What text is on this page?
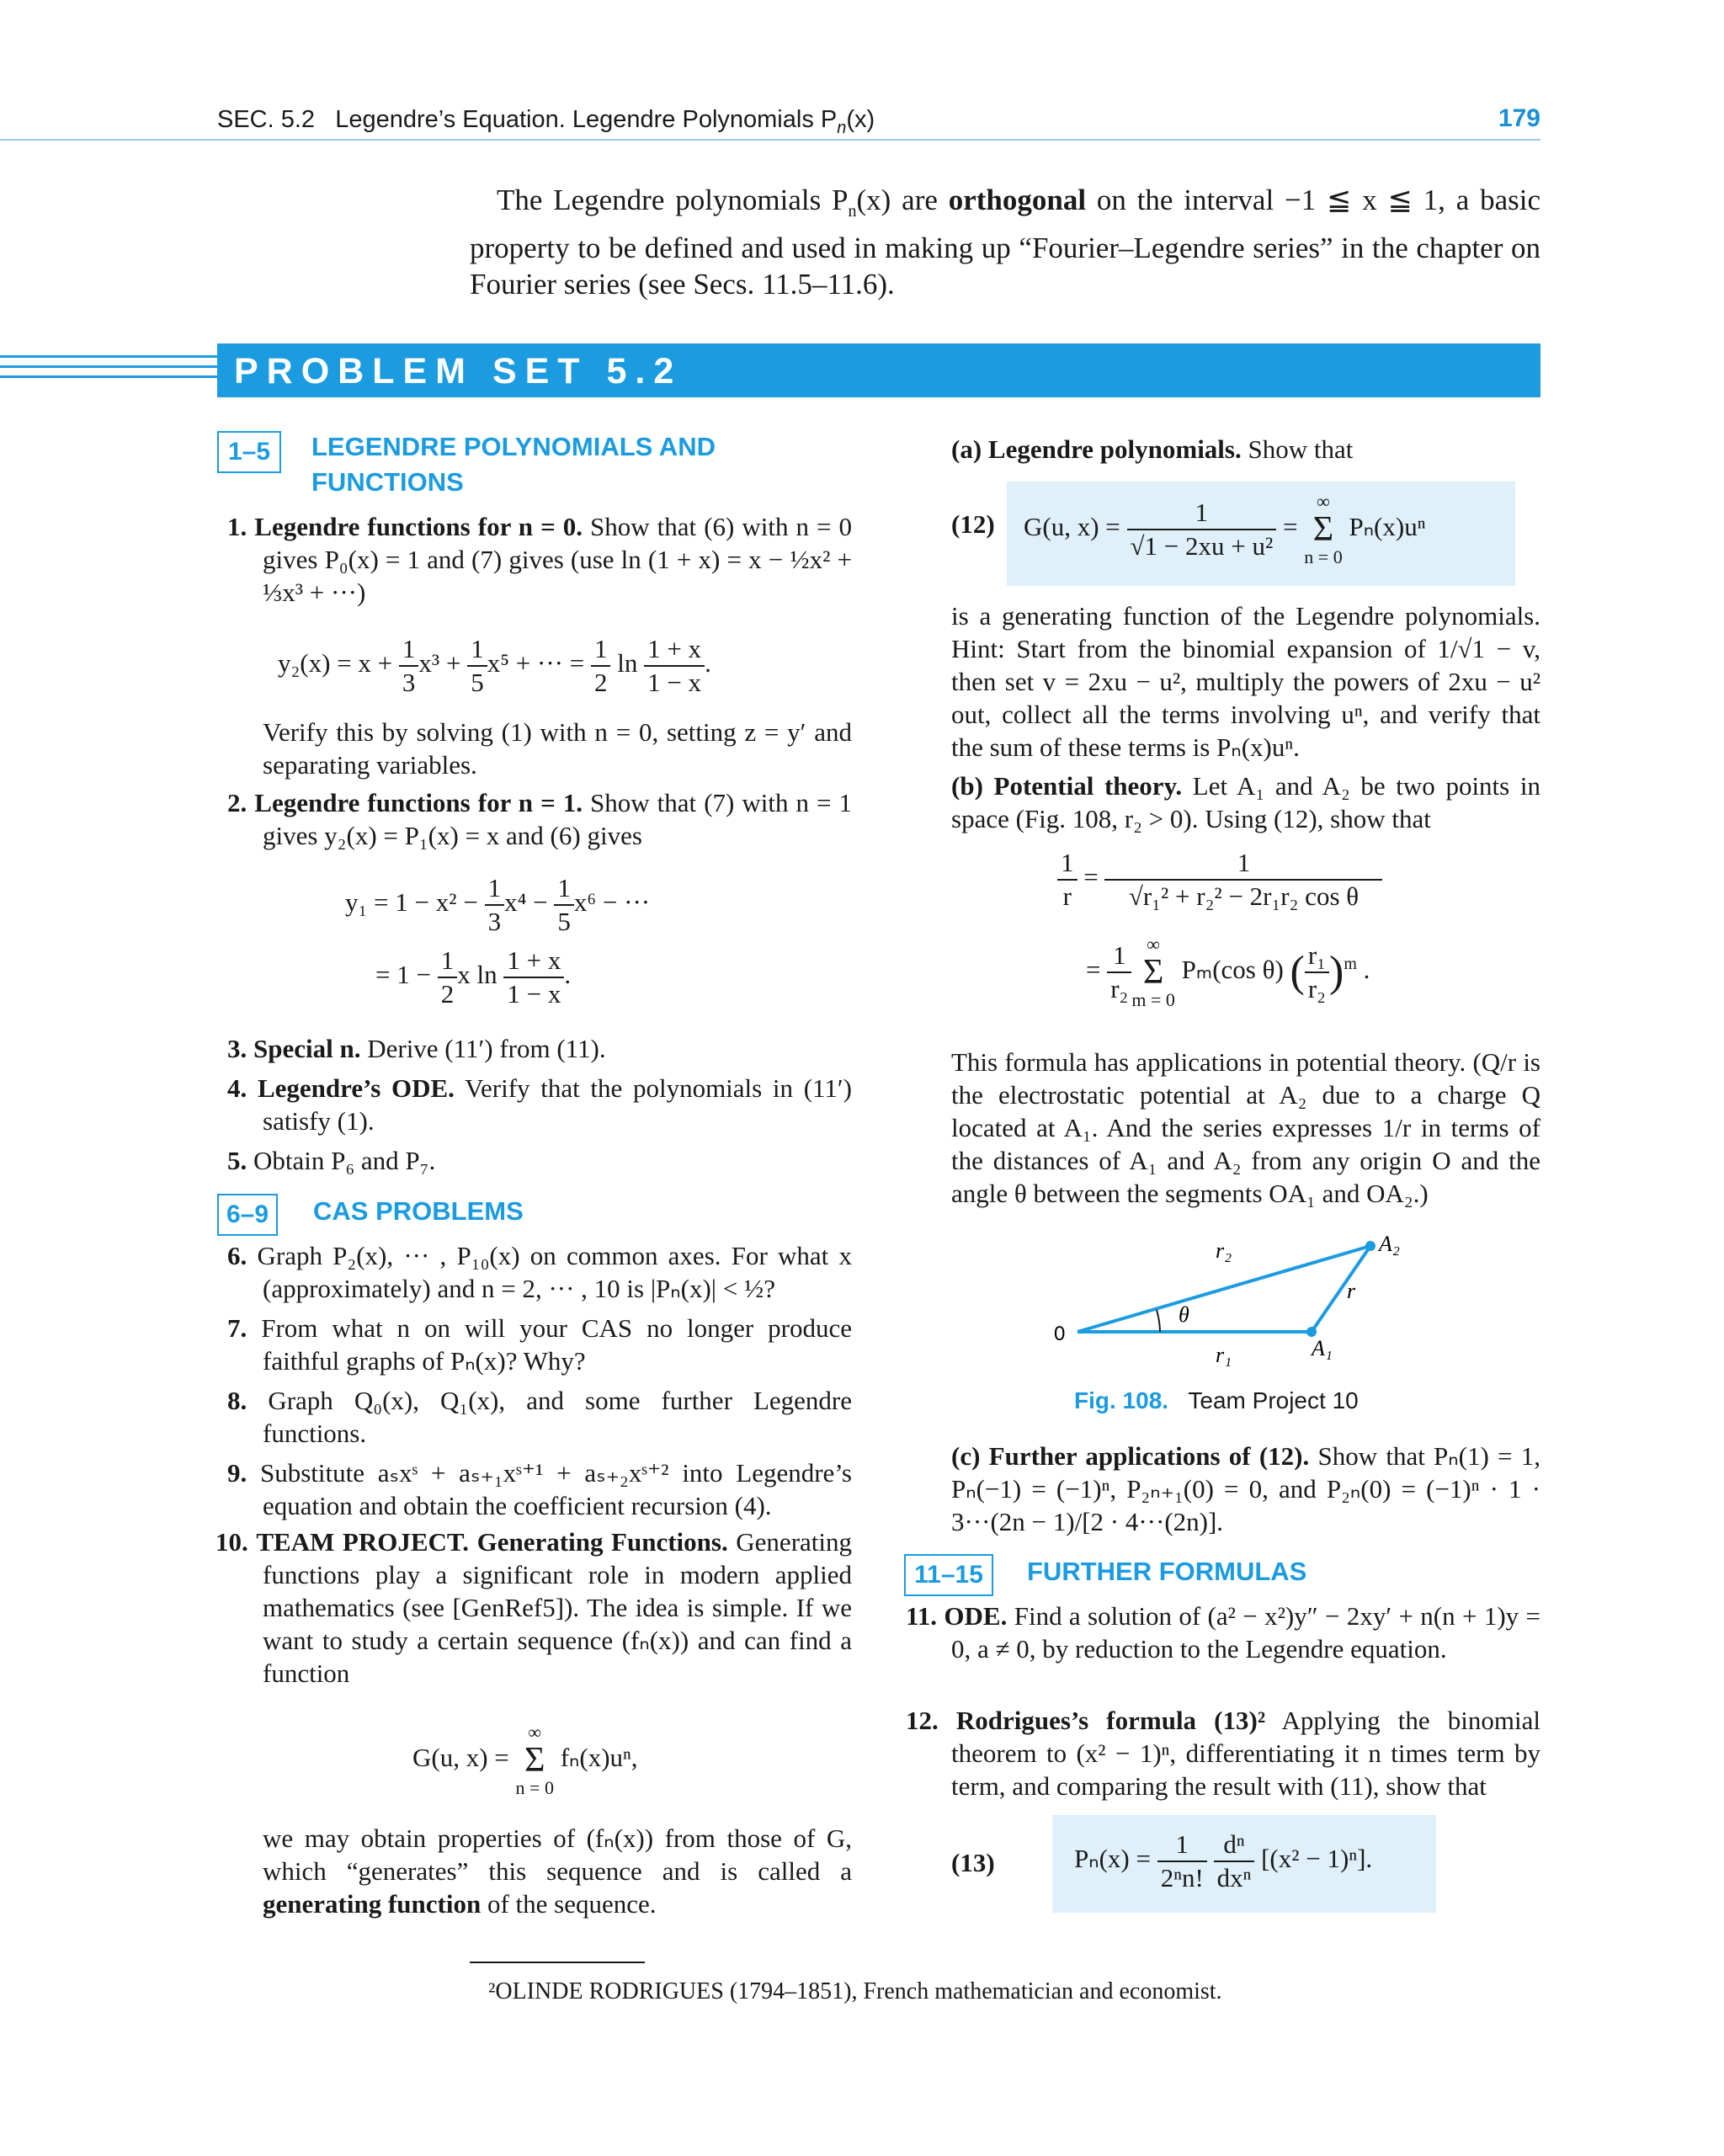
SEC. 5.2 Legendre’s Equation. Legendre Polynomials $P_n(x)$	179
The Legendre polynomials $P_n(x)$ are orthogonal on the interval −1 ≦ x ≦ 1, a basic property to be defined and used in making up “Fourier–Legendre series” in the chapter on Fourier series (see Secs. 11.5–11.6).
PROBLEM SET 5.2
1–5	LEGENDRE POLYNOMIALS AND
FUNCTIONS
1. Legendre functions for n = 0. Show that (6) with n = 0 gives P₀(x) = 1 and (7) gives (use ln (1 + x) = x − ½x² + ⅓x³ + ···)
$y_2(x) = x + \frac{1}{3} x^3 + \frac{1}{5} x^5$ + ··· = $\frac{1}{2}$ $\ln \frac{1 + x}{1 - x}$ .
Verify this by solving (1) with n = 0, setting z = y′ and separating variables.
2. Legendre functions for n = 1. Show that (7) with n = 1 gives y₂(x) = P₁(x) = x and (6) gives
$y_1 = 1 - x^2 - \frac{1}{3} x^4 - \frac{1}{5} x^6$ − ···
= $1 - \frac{1}{2}$ x $\ln \frac{1 + x}{1 - x}$ .
3. Special n. Derive (11′) from (11).
4. Legendre’s ODE. Verify that the polynomials in (11′) satisfy (1).
5. Obtain P₆ and P₇.
6–9	CAS PROBLEMS
6. Graph P₂(x), ··· , P₁₀(x) on common axes. For what x (approximately) and n = 2, ··· , 10 is |Pₙ(x)| < ½?
7. From what n on will your CAS no longer produce faithful graphs of Pₙ(x)? Why?
8. Graph Q₀(x), Q₁(x), and some further Legendre functions.
9. Substitute aₛxˢ + aₛ₊₁xˢ⁺¹ + aₛ₊₂xˢ⁺² into Legendre’s equation and obtain the coefficient recursion (4).
10. TEAM PROJECT. Generating Functions. Generating functions play a significant role in modern applied mathematics (see [GenRef5]). The idea is simple. If we want to study a certain sequence (fₙ(x)) and can find a function
G(u, x) =
∞
Σ
n = 0
fₙ(x)uⁿ,
we may obtain properties of (fₙ(x)) from those of G, which “generates” this sequence and is called a generating function of the sequence.
(a) Legendre polynomials. Show that
(12) G(u, $x) = \frac{1}{\text{√1 − 2xu + u²}}$ =
∞
Σ
n = 0
Pₙ(x)uⁿ
is a generating function of the Legendre polynomials. Hint: Start from the binomial expansion of 1/√1 − v, then set v = 2xu − u², multiply the powers of 2xu − u² out, collect all the terms involving uⁿ, and verify that the sum of these terms is Pₙ(x)uⁿ.
(b) Potential theory. Let A₁ and A₂ be two points in space (Fig. 108, r₂ > 0). Using (12), show that
$\frac{1}{r} = \frac{1}{\text{√r₁² + r₂² − 2r₁r₂ cos θ}}$
= $\frac{1}{\text{r₂}}$ ∞
Σ
m = 0
Pₘ(cos θ) ( $\frac{\text{r₁}}{\text{r₂}} )^m$ .
This formula has applications in potential theory. (Q/r is the electrostatic potential at A₂ due to a charge Q located at A₁. And the series expresses 1/r in terms of the distances of A₁ and A₂ from any origin O and the angle θ between the segments OA₁ and OA₂.)
r₂	A₂
r
θ
0
r₁	A₁
Fig. 108. Team Project 10
(c) Further applications of (12). Show that Pₙ(1) = 1, Pₙ(−1) = (−1)ⁿ, P₂ₙ₊₁(0) = 0, and P₂ₙ(0) = (−1)ⁿ · 1 · 3···(2n − 1)/[2 · 4···(2n)].
11–15	FURTHER FORMULAS
11. ODE. Find a solution of (a² − x²)y″ − 2xy′ + n(n + 1)y = 0, a ≠ 0, by reduction to the Legendre equation.
12. Rodrigues’s formula (13)² Applying the binomial theorem to (x² − 1)ⁿ, differentiating it n times term by term, and comparing the result with (11), show that
(13)	$P_n(x) = \frac{1}{\text{2ⁿn!}}$
$\frac{\text{dⁿ}}{\text{dxⁿ}} [(x^2 - 1)^n]$.
²OLINDE RODRIGUES (1794–1851), French mathematician and economist.
